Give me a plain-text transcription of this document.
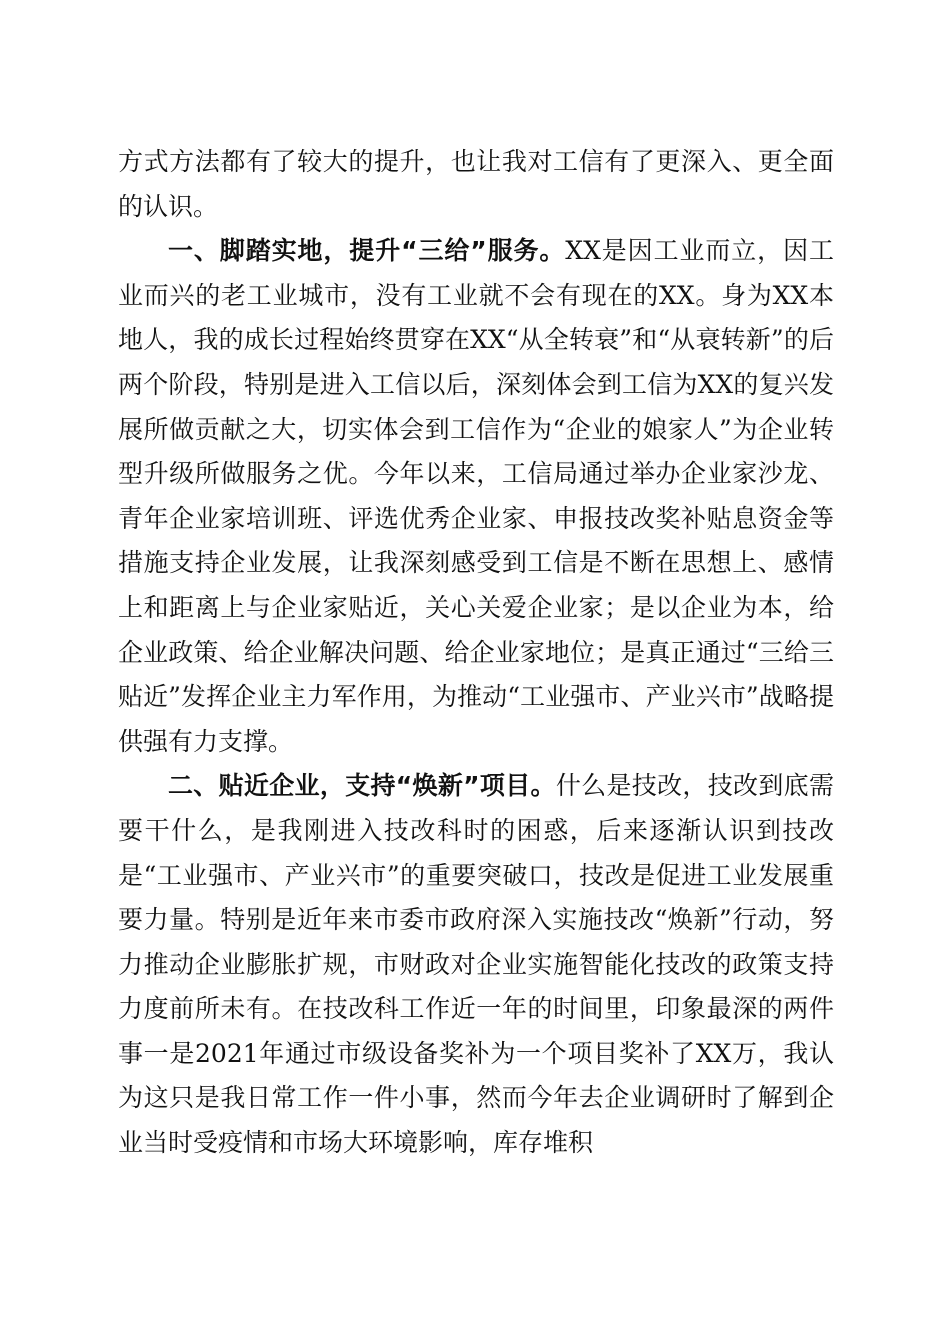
方式方法都有了较大的提升，也让我对工信有了更深入、更全面的认识。

一、脚踏实地，提升“三给”服务。XX是因工业而立，因工业而兴的老工业城市，没有工业就不会有现在的XX。身为XX本地人，我的成长过程始终贯穿在XX“从全转衰”和“从衰转新”的后两个阶段，特别是进入工信以后，深刻体会到工信为XX的复兴发展所做贡献之大，切实体会到工信作为“企业的娘家人”为企业转型升级所做服务之优。今年以来，工信局通过举办企业家沙龙、青年企业家培训班、评选优秀企业家、申报技改奖补贴息资金等措施支持企业发展，让我深刻感受到工信是不断在思想上、感情上和距离上与企业家贴近，关心关爱企业家；是以企业为本，给企业政策、给企业解决问题、给企业家地位；是真正通过“三给三贴近”发挥企业主力军作用，为推动“工业强市、产业兴市”战略提供强有力支撑。

二、贴近企业，支持“焕新”项目。什么是技改，技改到底需要干什么，是我刚进入技改科时的困惑，后来逐渐认识到技改是“工业强市、产业兴市”的重要突破口，技改是促进工业发展重要力量。特别是近年来市委市政府深入实施技改“焕新”行动，努力推动企业膨胀扩规，市财政对企业实施智能化技改的政策支持力度前所未有。在技改科工作近一年的时间里，印象最深的两件事一是2021年通过市级设备奖补为一个项目奖补了XX万，我认为这只是我日常工作一件小事，然而今年去企业调研时了解到企业当时受疫情和市场大环境影响，库存堆积
